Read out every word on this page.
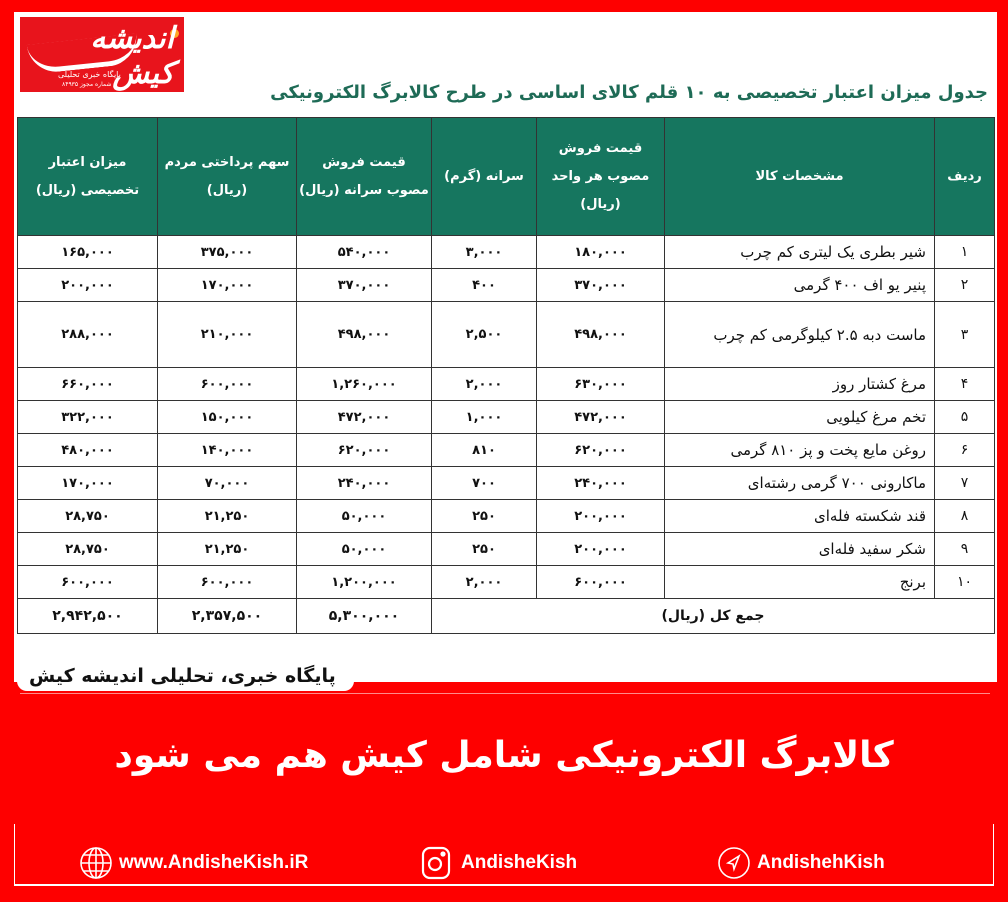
اندیشه کیش
پایگاه خبری تحلیلی
شماره مجوز ۸۴۹۳۵	جدول میزان اعتبار تخصیصی به ۱۰ قلم کالای اساسی در طرح کالابرگ الکترونیکی
ردیف	مشخصات کالا	قیمت فروش مصوب هر واحد (ریال)	سرانه (گرم)	قیمت فروش مصوب سرانه (ریال)	سهم پرداختی مردم (ریال)	میزان اعتبار تخصیصی (ریال)
۱	شیر بطری یک لیتری کم چرب	۱۸۰,۰۰۰	۳,۰۰۰	۵۴۰,۰۰۰	۳۷۵,۰۰۰	۱۶۵,۰۰۰
۲	پنیر یو اف ۴۰۰ گرمی	۳۷۰,۰۰۰	۴۰۰	۳۷۰,۰۰۰	۱۷۰,۰۰۰	۲۰۰,۰۰۰
۳	ماست دبه ۲.۵ کیلوگرمی کم چرب	۴۹۸,۰۰۰	۲,۵۰۰	۴۹۸,۰۰۰	۲۱۰,۰۰۰	۲۸۸,۰۰۰
۴	مرغ کشتار روز	۶۳۰,۰۰۰	۲,۰۰۰	۱,۲۶۰,۰۰۰	۶۰۰,۰۰۰	۶۶۰,۰۰۰
۵	تخم مرغ کیلویی	۴۷۲,۰۰۰	۱,۰۰۰	۴۷۲,۰۰۰	۱۵۰,۰۰۰	۳۲۲,۰۰۰
۶	روغن مایع پخت و پز ۸۱۰ گرمی	۶۲۰,۰۰۰	۸۱۰	۶۲۰,۰۰۰	۱۴۰,۰۰۰	۴۸۰,۰۰۰
۷	ماکارونی ۷۰۰ گرمی رشته‌ای	۲۴۰,۰۰۰	۷۰۰	۲۴۰,۰۰۰	۷۰,۰۰۰	۱۷۰,۰۰۰
۸	قند شکسته فله‌ای	۲۰۰,۰۰۰	۲۵۰	۵۰,۰۰۰	۲۱,۲۵۰	۲۸,۷۵۰
۹	شکر سفید فله‌ای	۲۰۰,۰۰۰	۲۵۰	۵۰,۰۰۰	۲۱,۲۵۰	۲۸,۷۵۰
۱۰	برنج	۶۰۰,۰۰۰	۲,۰۰۰	۱,۲۰۰,۰۰۰	۶۰۰,۰۰۰	۶۰۰,۰۰۰
جمع کل (ریال)				۵,۳۰۰,۰۰۰	۲,۳۵۷,۵۰۰	۲,۹۴۲,۵۰۰
پایگاه خبری، تحلیلی اندیشه کیش
کالابرگ الکترونیکی شامل کیش هم می شود
www.AndisheKish.iR	AndisheKish	AndishehKish
